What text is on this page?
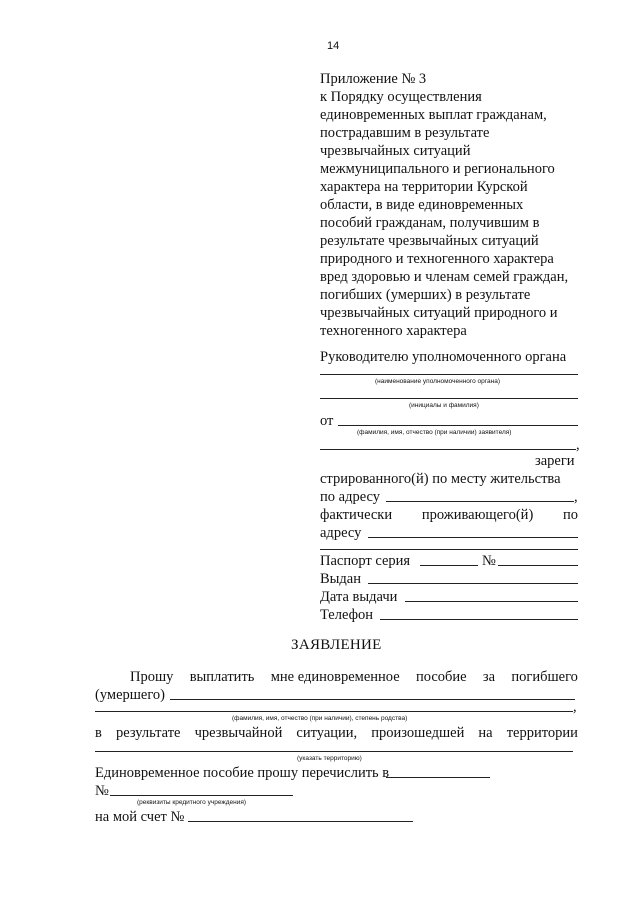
14
Приложение № 3
к Порядку осуществления
единовременных выплат гражданам,
пострадавшим в результате
чрезвычайных ситуаций
межмуниципального и регионального
характера на территории Курской
области, в виде единовременных
пособий гражданам, получившим в
результате чрезвычайных ситуаций
природного и техногенного характера
вред здоровью и членам семей граждан,
погибших (умерших) в результате
чрезвычайных ситуаций природного и
техногенного характера
Руководителю уполномоченного органа
(наименование уполномоченного органа)
(инициалы и фамилия)
от
(фамилия, имя, отчество (при наличии) заявителя)
,
зареги
стрированного(й) по месту жительства
по адресу	,
фактически проживающего(й) по
адресу
Паспорт серия	№
Выдан
Дата выдачи
Телефон
ЗАЯВЛЕНИЕ
Прошу выплатить мне единовременное пособие за погибшего
(умершего)
,
(фамилия, имя, отчество (при наличии), степень родства)
в результате чрезвычайной ситуации, произошедшей на территории
(указать территорию)
Единовременное пособие прошу перечислить в
№
(реквизиты кредитного учреждения)
на мой счет №
